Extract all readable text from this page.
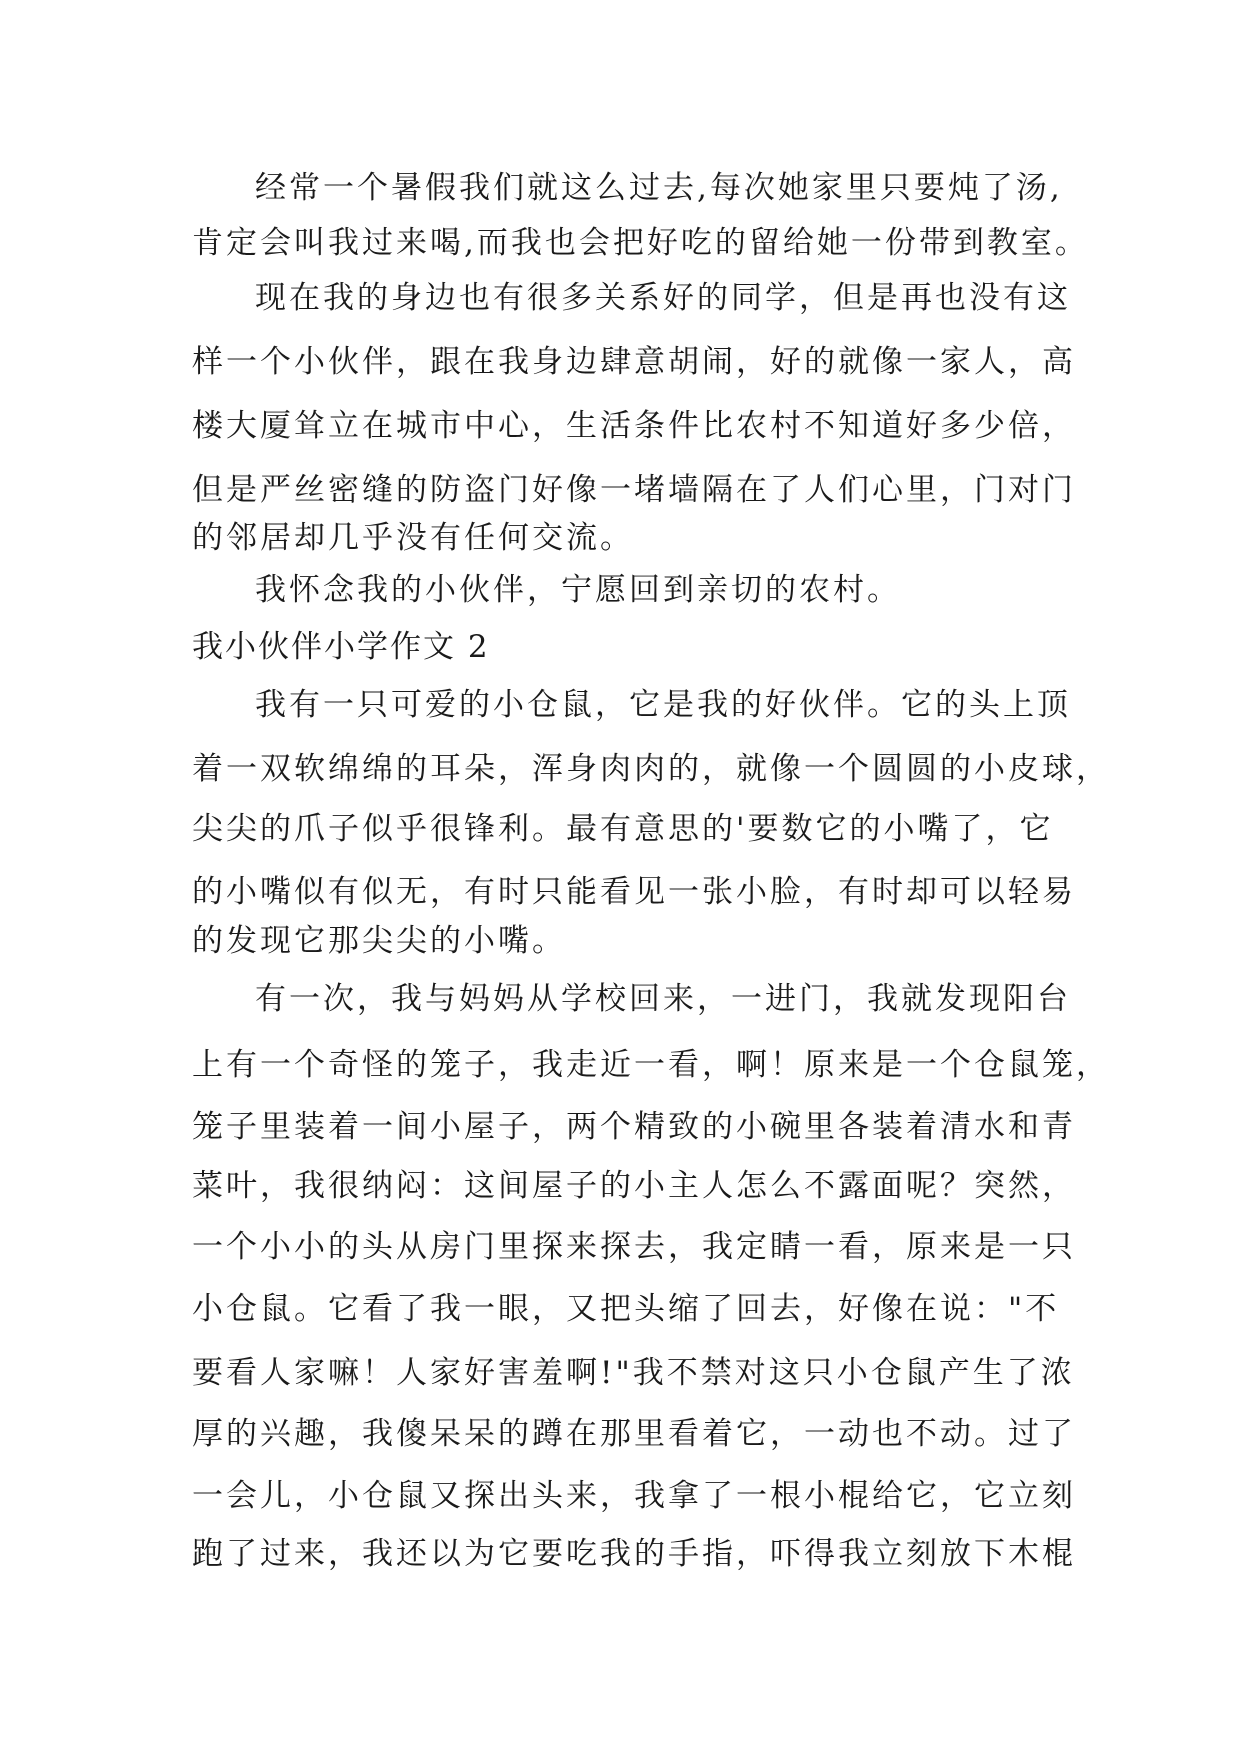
经常一个暑假我们就这么过去,每次她家里只要炖了汤,
肯定会叫我过来喝,而我也会把好吃的留给她一份带到教室。
现在我的身边也有很多关系好的同学，但是再也没有这
样一个小伙伴，跟在我身边肆意胡闹，好的就像一家人，高
楼大厦耸立在城市中心，生活条件比农村不知道好多少倍，
但是严丝密缝的防盗门好像一堵墙隔在了人们心里，门对门
的邻居却几乎没有任何交流。
我怀念我的小伙伴，宁愿回到亲切的农村。
我小伙伴小学作文 2
我有一只可爱的小仓鼠，它是我的好伙伴。它的头上顶
着一双软绵绵的耳朵，浑身肉肉的，就像一个圆圆的小皮球，
尖尖的爪子似乎很锋利。最有意思的'要数它的小嘴了，它
的小嘴似有似无，有时只能看见一张小脸，有时却可以轻易
的发现它那尖尖的小嘴。
有一次，我与妈妈从学校回来，一进门，我就发现阳台
上有一个奇怪的笼子，我走近一看，啊！原来是一个仓鼠笼，
笼子里装着一间小屋子，两个精致的小碗里各装着清水和青
菜叶，我很纳闷：这间屋子的小主人怎么不露面呢？突然，
一个小小的头从房门里探来探去，我定睛一看，原来是一只
小仓鼠。它看了我一眼，又把头缩了回去，好像在说："不
要看人家嘛！人家好害羞啊!"我不禁对这只小仓鼠产生了浓
厚的兴趣，我傻呆呆的蹲在那里看着它，一动也不动。过了
一会儿，小仓鼠又探出头来，我拿了一根小棍给它，它立刻
跑了过来，我还以为它要吃我的手指，吓得我立刻放下木棍
